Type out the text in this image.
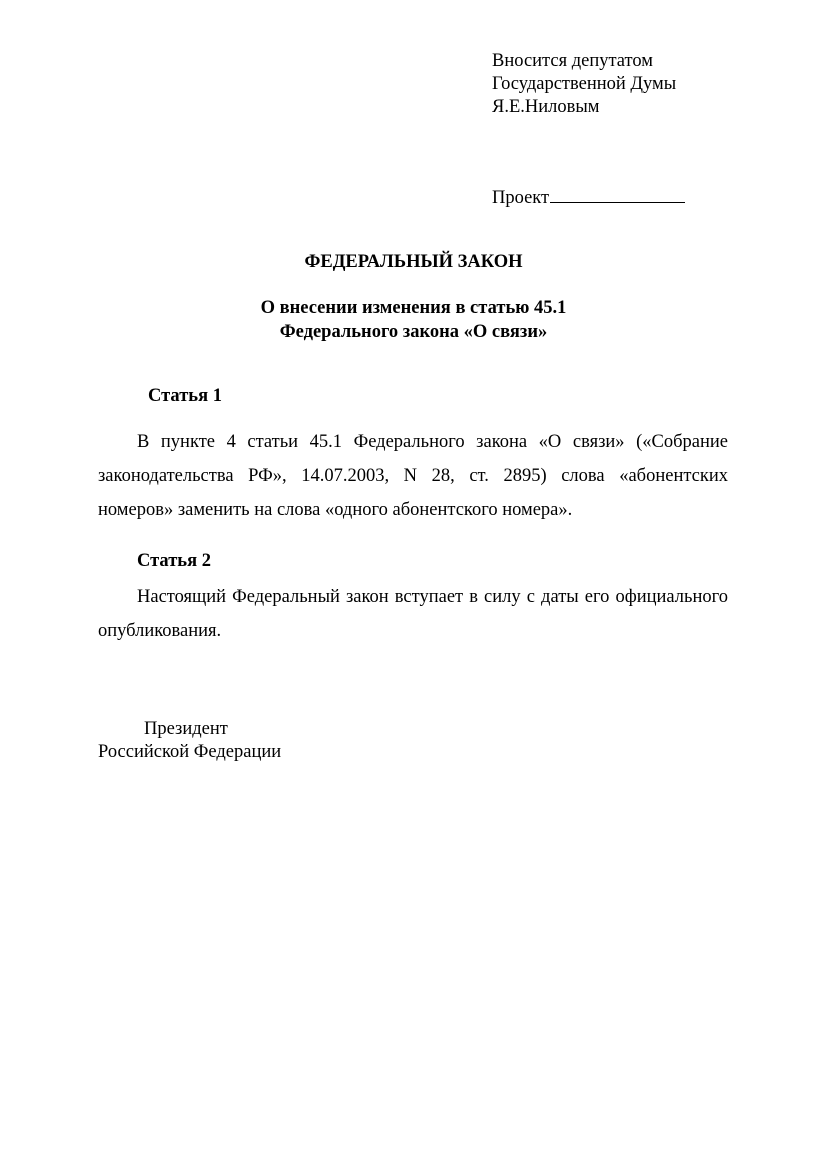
Вносится депутатом
Государственной Думы
Я.Е.Ниловым
Проект
ФЕДЕРАЛЬНЫЙ ЗАКОН
О внесении изменения в статью 45.1
Федерального закона «О связи»
Статья 1

В пункте 4 статьи 45.1 Федерального закона «О связи» («Собрание законодательства РФ», 14.07.2003, N 28, ст. 2895) слова «абонентских номеров» заменить на слова «одного абонентского номера».

Статья 2

Настоящий Федеральный закон вступает в силу с даты его официального опубликования.

Президент
Российской Федерации
